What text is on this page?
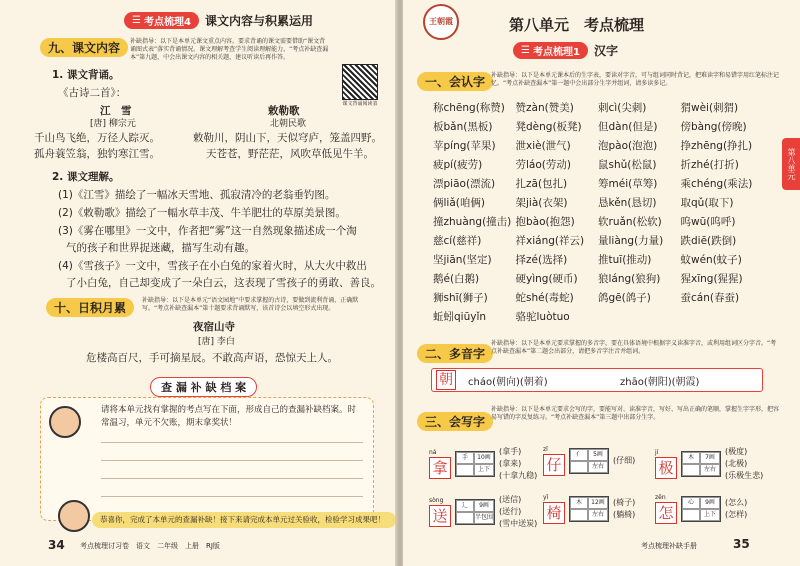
☰ 考点梳理4 课文内容与积累运用
九、课文内容	补缺指导：以下是本单元课文重点内容。要求背诵的课文需要借助“课文背诵图式表”落实背诵情况。课文理解考查学生阅读理解能力，“考点补缺查漏本”第九题，中会出课文内容的相关题，建议听读后再作答。
课文背诵阅读表
1. 课文背诵。
《古诗二首》：
江　雪
[唐] 柳宗元
敕勒歌
北朝民歌
千山鸟飞绝，万径人踪灭。	敕勒川，阴山下，天似穹庐，笼盖四野。
孤舟蓑笠翁，独钓寒江雪。	天苍苍，野茫茫，风吹草低见牛羊。
2. 课文理解。
(1)《江雪》描绘了一幅冰天雪地、孤寂清冷的老翁垂钓图。
(2)《敕勒歌》描绘了一幅水草丰茂、牛羊肥壮的草原美景图。
(3)《雾在哪里》一文中，作者把“雾”这一自然现象描述成一个淘
气的孩子和世界捉迷藏，描写生动有趣。
(4)《雪孩子》一文中，雪孩子在小白兔的家着火时，从大火中救出
了小白兔，自己却变成了一朵白云，这表现了雪孩子的勇敢、善良。
十、日积月累
补缺指导：以下是本单元“语文园地”中要求掌握的古诗，要做到流利背诵、正确默写。“考点补缺查漏本”第十题要求背诵默写，该首诗会以填空形式出现。
夜宿山寺
[唐] 李白
危楼高百尺，手可摘星辰。不敢高声语，恐惊天上人。
查 漏 补 缺 档 案
请将本单元找有掌握的考点写在下面，形成自己的查漏补缺档案。时常温习，单元不欠账，期末拿奖状！
恭喜你，完成了本单元的查漏补缺！接下来请完成本单元过关验收，检验学习成果吧！
34 考点梳理讨习卷　语文　二年级　上册　RJ版
王朝霞	第八单元　考点梳理
☰ 考点梳理1 汉字
第八单元
一、会认字 补缺指导：以下是本单元课本后的生字表，要读对字音，可与组词同时背记，把难读字和易错字用红笔标注记忆。“考点补缺查漏本”第一题中会出部分生字并组词，请多读多记。
称chēng(称赞)	赞zàn(赞美)	刺cì(尖刺)	猬wèi(刺猬)
板bǎn(黑板)	凳dèng(板凳)	但dàn(但是)	傍bàng(傍晚)
苹píng(苹果)	泄xiè(泄气)	泡pào(泡泡)	挣zhēng(挣扎)
疲pí(疲劳)	劳láo(劳动)	鼠shǔ(松鼠)	折zhé(打折)
漂piāo(漂流)	扎zā(包扎)	筹méi(草筹)	乘chéng(乘法)
俩liǎ(咱俩)	架jià(衣架)	恳kěn(恳切)	取qǔ(取下)
撞zhuàng(撞击) 抱bào(抱怨)	软ruǎn(松软)	呜wū(呜呼)
慈cí(慈祥)	祥xiáng(祥云)	量liàng(力量)	跌diē(跌倒)
坚jiān(坚定)	择zé(选择)	推tuī(推动)	蚊wén(蚊子)
鹅é(白鹅)	硬yìng(硬币)	狼láng(狼狗)	猩xīng(猩猩)
狮shī(狮子)	蛇shé(毒蛇)	鸽gē(鸽子)	蚕cán(春蚕)
蚯蚓qiūyǐn	骆驼luòtuo
二、多音字
补缺指导：以下是本单元要求掌握的多音字，要在具体语境中根据字义读准字音，或利用组词区分字音。“考点补缺查漏本”第二题会出部分，请把多音字注音并组词。
朝	cháo(朝向)(朝着)	zhāo(朝阳)(朝霞)
三、会写字
补缺指导：以下是本单元要求会写的字，要能写对、读准字音，写好、写出正确的笔顺，掌握生字字形，把容易写错的字反复练习。“考点补缺查漏本”第三题中出部分生字。
ná
拿
手	10画
上下
(拿手)
(拿来)
(十拿九稳)
zǐ
仔
亻	5画
左右
(仔细)
jí
极
木	7画
左右
(极度)
(北极)
(乐极生悲)
sòng
送
辶	9画
半包围
(送信)
(送行)
(雪中送炭)
yǐ
椅
木	12画
左右
(椅子)
(躺椅)
zěn
怎
心	9画
上下
(怎么)
(怎样)
考点梳理补缺手册	35
